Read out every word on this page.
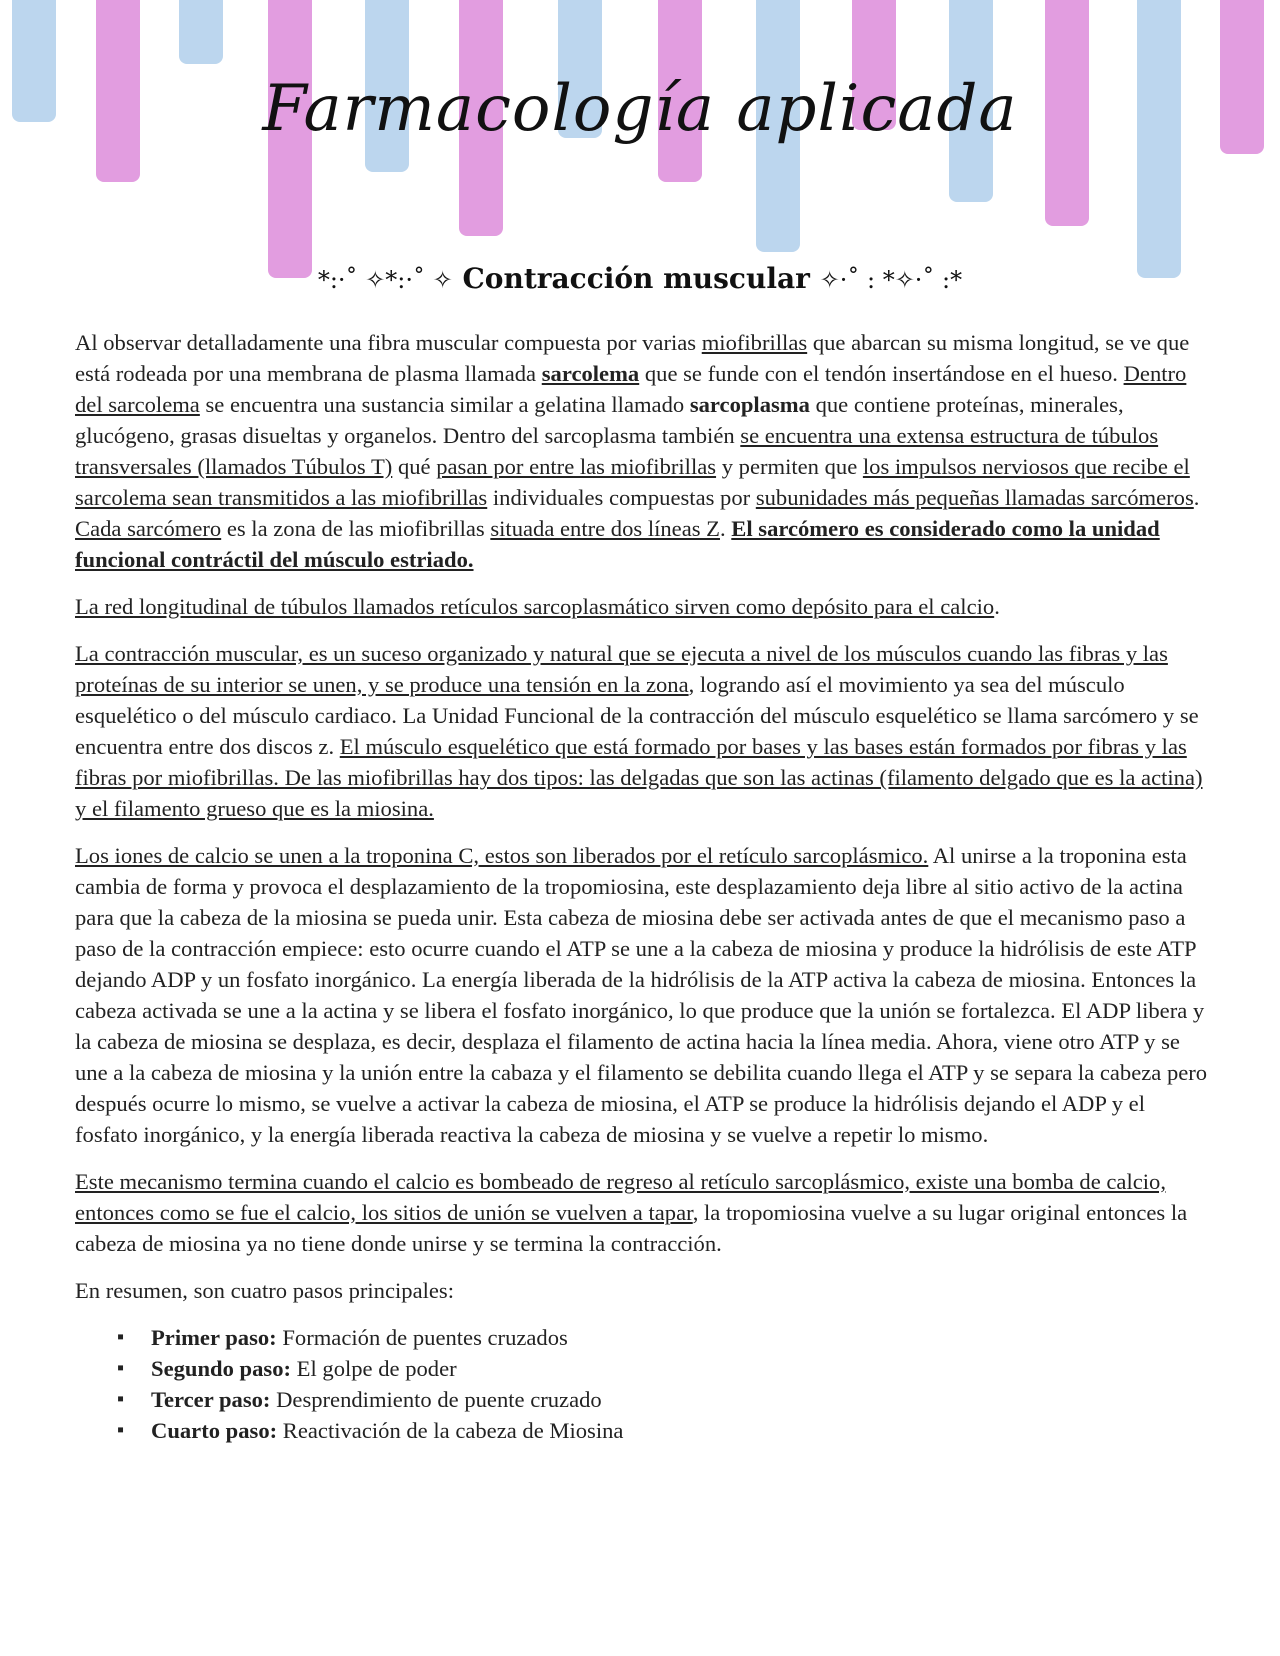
Farmacología aplicada
*:·˚ ✧*:·˚ ✧ Contracción muscular ✧·˚ : *✧·˚ :*

Al observar detalladamente una fibra muscular compuesta por varias miofibrillas que abarcan su misma longitud, se ve que está rodeada por una membrana de plasma llamada sarcolema que se funde con el tendón insertándose en el hueso. Dentro del sarcolema se encuentra una sustancia similar a gelatina llamado sarcoplasma que contiene proteínas, minerales, glucógeno, grasas disueltas y organelos. Dentro del sarcoplasma también se encuentra una extensa estructura de túbulos transversales (llamados Túbulos T) qué pasan por entre las miofibrillas y permiten que los impulsos nerviosos que recibe el sarcolema sean transmitidos a las miofibrillas individuales compuestas por subunidades más pequeñas llamadas sarcómeros. Cada sarcómero es la zona de las miofibrillas situada entre dos líneas Z. El sarcómero es considerado como la unidad funcional contráctil del músculo estriado.

La red longitudinal de túbulos llamados retículos sarcoplasmático sirven como depósito para el calcio.

La contracción muscular, es un suceso organizado y natural que se ejecuta a nivel de los músculos cuando las fibras y las proteínas de su interior se unen, y se produce una tensión en la zona, logrando así el movimiento ya sea del músculo esquelético o del músculo cardiaco. La Unidad Funcional de la contracción del músculo esquelético se llama sarcómero y se encuentra entre dos discos z. El músculo esquelético que está formado por bases y las bases están formados por fibras y las fibras por miofibrillas. De las miofibrillas hay dos tipos: las delgadas que son las actinas (filamento delgado que es la actina) y el filamento grueso que es la miosina.

Los iones de calcio se unen a la troponina C, estos son liberados por el retículo sarcoplásmico. Al unirse a la troponina esta cambia de forma y provoca el desplazamiento de la tropomiosina, este desplazamiento deja libre al sitio activo de la actina para que la cabeza de la miosina se pueda unir. Esta cabeza de miosina debe ser activada antes de que el mecanismo paso a paso de la contracción empiece: esto ocurre cuando el ATP se une a la cabeza de miosina y produce la hidrólisis de este ATP dejando ADP y un fosfato inorgánico. La energía liberada de la hidrólisis de la ATP activa la cabeza de miosina. Entonces la cabeza activada se une a la actina y se libera el fosfato inorgánico, lo que produce que la unión se fortalezca. El ADP libera y la cabeza de miosina se desplaza, es decir, desplaza el filamento de actina hacia la línea media. Ahora, viene otro ATP y se une a la cabeza de miosina y la unión entre la cabaza y el filamento se debilita cuando llega el ATP y se separa la cabeza pero después ocurre lo mismo, se vuelve a activar la cabeza de miosina, el ATP se produce la hidrólisis dejando el ADP y el fosfato inorgánico, y la energía liberada reactiva la cabeza de miosina y se vuelve a repetir lo mismo.

Este mecanismo termina cuando el calcio es bombeado de regreso al retículo sarcoplásmico, existe una bomba de calcio, entonces como se fue el calcio, los sitios de unión se vuelven a tapar, la tropomiosina vuelve a su lugar original entonces la cabeza de miosina ya no tiene donde unirse y se termina la contracción.

En resumen, son cuatro pasos principales:

▪ Primer paso: Formación de puentes cruzados
▪ Segundo paso: El golpe de poder
▪ Tercer paso: Desprendimiento de puente cruzado
▪ Cuarto paso: Reactivación de la cabeza de Miosina
